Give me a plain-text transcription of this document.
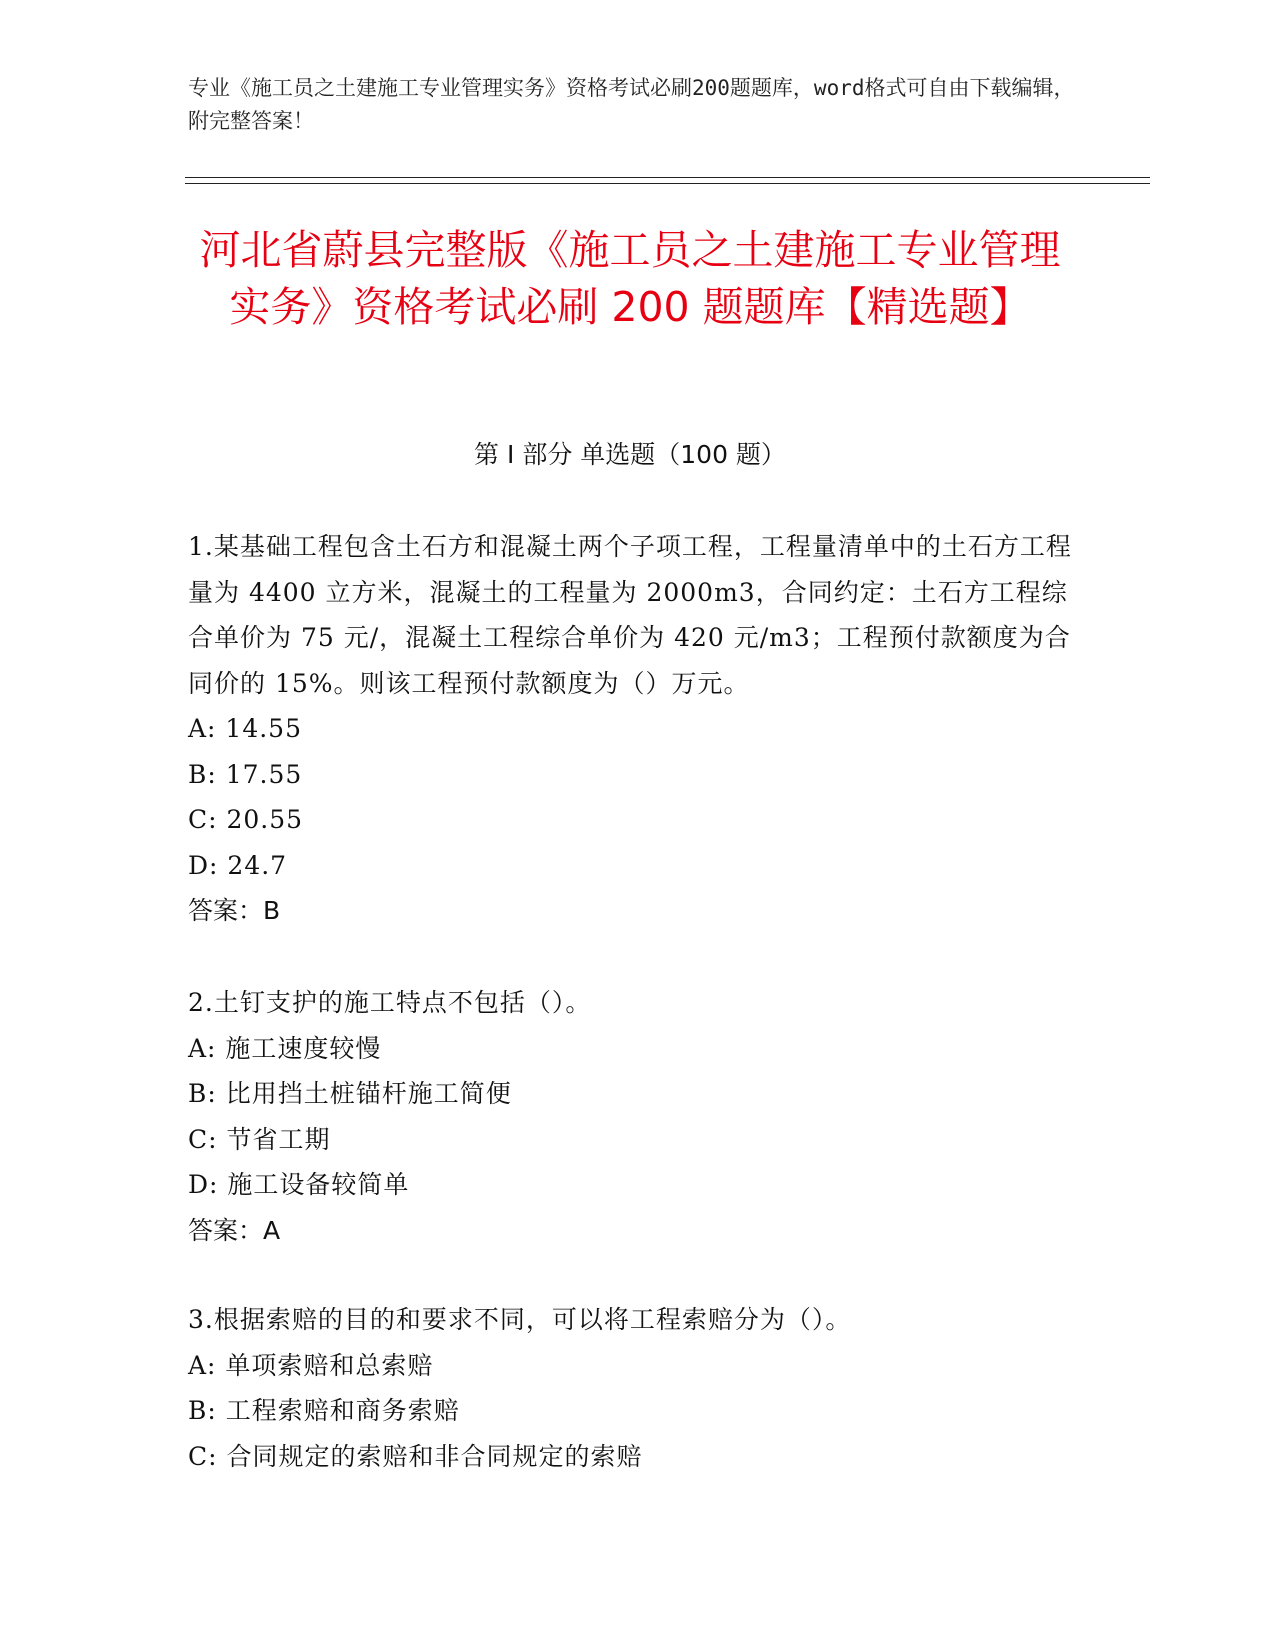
专业《施工员之土建施工专业管理实务》资格考试必刷200题题库，word格式可自由下载编辑，附完整答案！
河北省蔚县完整版《施工员之土建施工专业管理实务》资格考试必刷 200 题题库【精选题】
第 I 部分 单选题（100 题）

1.某基础工程包含土石方和混凝土两个子项工程，工程量清单中的土石方工程量为 4400 立方米，混凝土的工程量为 2000m3，合同约定：土石方工程综合单价为 75 元/，混凝土工程综合单价为 420 元/m3；工程预付款额度为合同价的 15%。则该工程预付款额度为（）万元。

A: 14.55

B: 17.55

C: 20.55

D: 24.7

答案：B

2.土钉支护的施工特点不包括（）。

A: 施工速度较慢

B: 比用挡土桩锚杆施工简便

C: 节省工期

D: 施工设备较简单

答案：A

3.根据索赔的目的和要求不同，可以将工程索赔分为（）。

A: 单项索赔和总索赔

B: 工程索赔和商务索赔

C: 合同规定的索赔和非合同规定的索赔
